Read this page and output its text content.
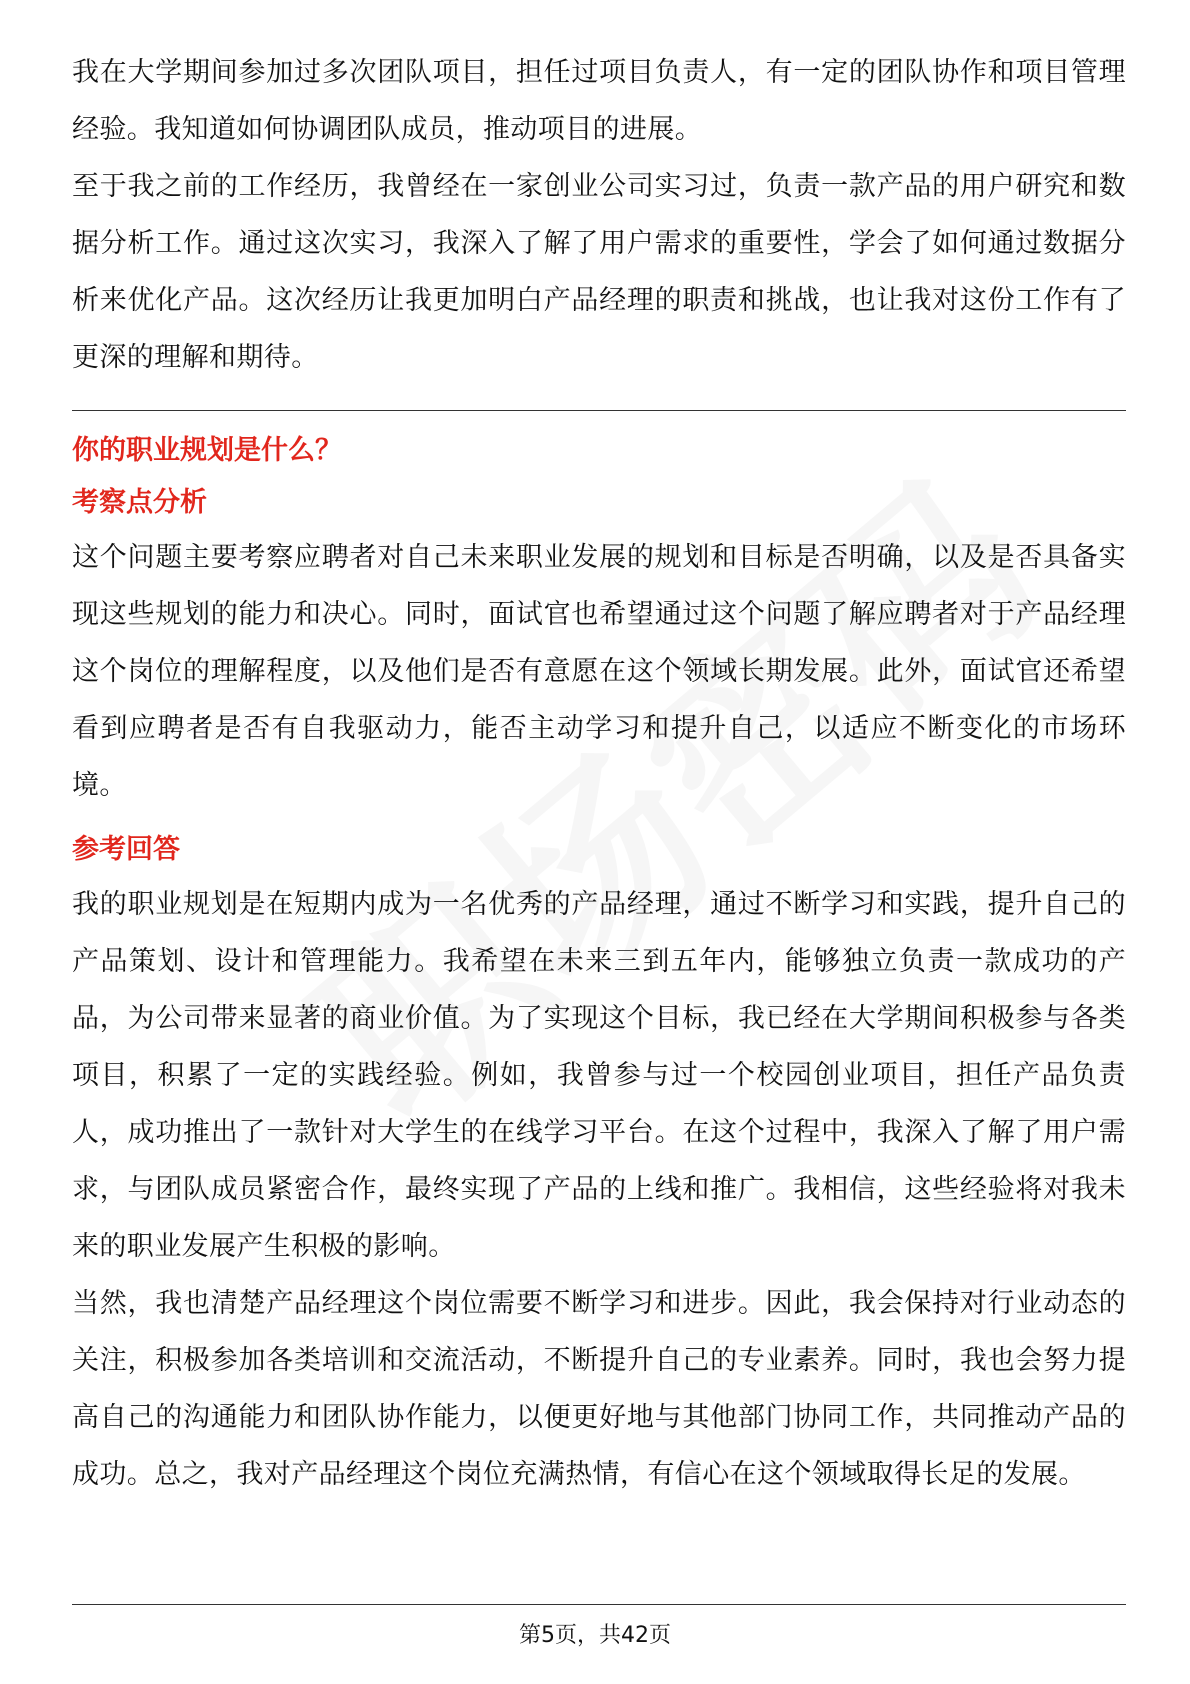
我在大学期间参加过多次团队项目，担任过项目负责人，有一定的团队协作和项目管理经验。我知道如何协调团队成员，推动项目的进展。

至于我之前的工作经历，我曾经在一家创业公司实习过，负责一款产品的用户研究和数据分析工作。通过这次实习，我深入了解了用户需求的重要性，学会了如何通过数据分析来优化产品。这次经历让我更加明白产品经理的职责和挑战，也让我对这份工作有了更深的理解和期待。

你的职业规划是什么？
考察点分析

这个问题主要考察应聘者对自己未来职业发展的规划和目标是否明确，以及是否具备实现这些规划的能力和决心。同时，面试官也希望通过这个问题了解应聘者对于产品经理这个岗位的理解程度，以及他们是否有意愿在这个领域长期发展。此外，面试官还希望看到应聘者是否有自我驱动力，能否主动学习和提升自己，以适应不断变化的市场环境。

参考回答

我的职业规划是在短期内成为一名优秀的产品经理，通过不断学习和实践，提升自己的产品策划、设计和管理能力。我希望在未来三到五年内，能够独立负责一款成功的产品，为公司带来显著的商业价值。为了实现这个目标，我已经在大学期间积极参与各类项目，积累了一定的实践经验。例如，我曾参与过一个校园创业项目，担任产品负责人，成功推出了一款针对大学生的在线学习平台。在这个过程中，我深入了解了用户需求，与团队成员紧密合作，最终实现了产品的上线和推广。我相信，这些经验将对我未来的职业发展产生积极的影响。

当然，我也清楚产品经理这个岗位需要不断学习和进步。因此，我会保持对行业动态的关注，积极参加各类培训和交流活动，不断提升自己的专业素养。同时，我也会努力提高自己的沟通能力和团队协作能力，以便更好地与其他部门协同工作，共同推动产品的成功。总之，我对产品经理这个岗位充满热情，有信心在这个领域取得长足的发展。

第5页，共42页
